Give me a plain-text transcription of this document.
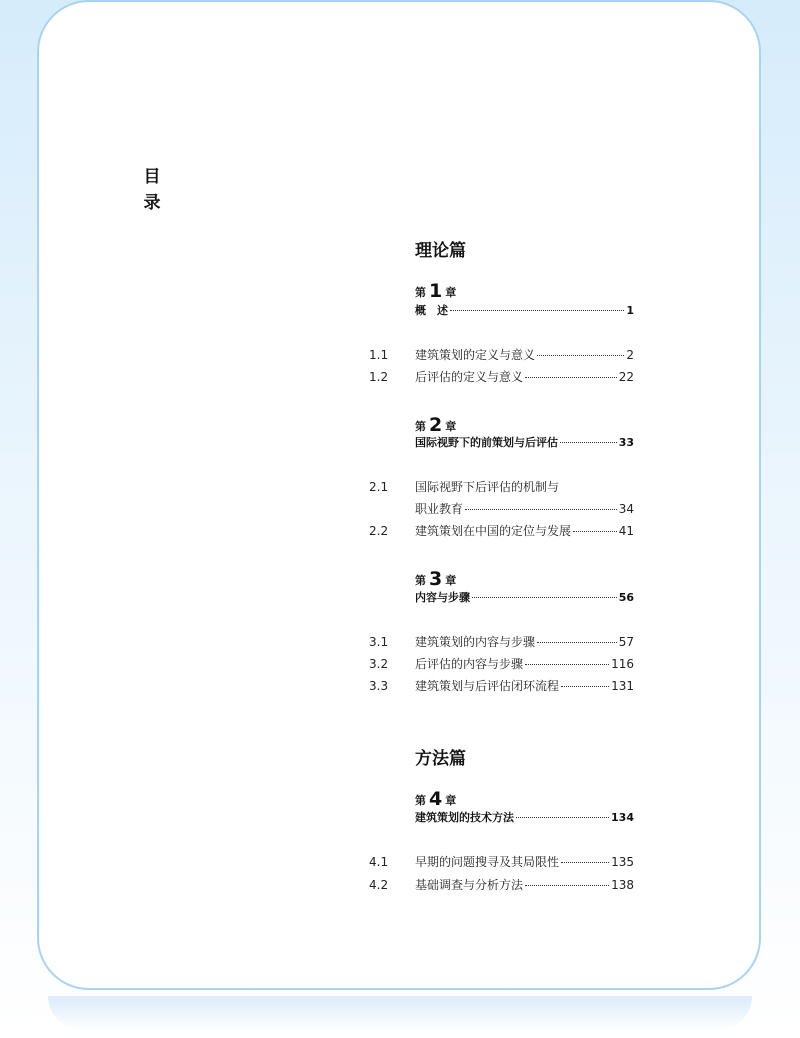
目
录
理论篇
第 1 章
概　述	1
1.1	建筑策划的定义与意义	2
1.2	后评估的定义与意义	22
第 2 章
国际视野下的前策划与后评估	33
2.1	国际视野下后评估的机制与
职业教育	34
2.2	建筑策划在中国的定位与发展	41
第 3 章
内容与步骤	56
3.1	建筑策划的内容与步骤	57
3.2	后评估的内容与步骤	116
3.3	建筑策划与后评估闭环流程	131
方法篇
第 4 章
建筑策划的技术方法	134
4.1	早期的问题搜寻及其局限性	135
4.2	基础调查与分析方法	138
